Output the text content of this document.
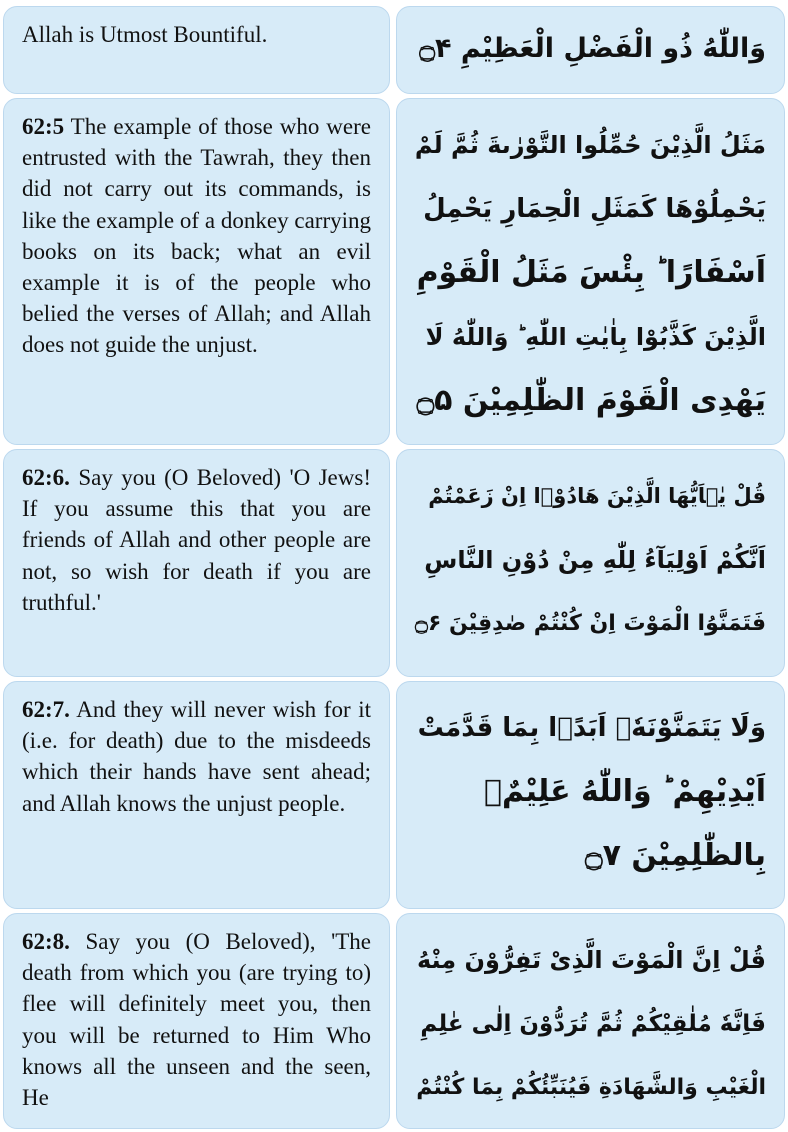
Allah is Utmost Bountiful.	وَاللّٰهُ ذُو الْفَضْلِ الْعَظِيْمِ ۝۴
62:5 The example of those who were entrusted with the Tawrah, they then did not carry out its commands, is like the example of a donkey carrying books on its back; what an evil example it is of the people who belied the verses of Allah; and Allah does not guide the unjust.
مَثَلُ الَّذِيْنَ حُمِّلُوا التَّوْرٰىةَ ثُمَّ لَمْ
يَحْمِلُوْهَا كَمَثَلِ الْحِمَارِ يَحْمِلُ
اَسْفَارًا ؕ بِئْسَ مَثَلُ الْقَوْمِ
الَّذِيْنَ كَذَّبُوْا بِاٰيٰتِ اللّٰهِ ؕ وَاللّٰهُ لَا
يَهْدِى الْقَوْمَ الظّٰلِمِيْنَ ۝۵
62:6. Say you (O Beloved) 'O Jews! If you assume this that you are friends of Allah and other people are not, so wish for death if you are truthful.'
قُلْ يٰۤاَيُّهَا الَّذِيْنَ هَادُوْۤا اِنْ زَعَمْتُمْ
اَنَّكُمْ اَوْلِيَآءُ لِلّٰهِ مِنْ دُوْنِ النَّاسِ
فَتَمَنَّوُا الْمَوْتَ اِنْ كُنْتُمْ صٰدِقِيْنَ ۝۶
62:7. And they will never wish for it (i.e. for death) due to the misdeeds which their hands have sent ahead; and Allah knows the unjust people.
وَلَا يَتَمَنَّوْنَهٗۤ اَبَدًۢا بِمَا قَدَّمَتْ
اَيْدِيْهِمْ ؕ وَاللّٰهُ عَلِيْمٌۢ
بِالظّٰلِمِيْنَ ۝۷
62:8. Say you (O Beloved), 'The death from which you (are trying to) flee will definitely meet you, then you will be returned to Him Who knows all the unseen and the seen, He
قُلْ اِنَّ الْمَوْتَ الَّذِىْ تَفِرُّوْنَ مِنْهُ
فَاِنَّهٗ مُلٰقِيْكُمْ ثُمَّ تُرَدُّوْنَ اِلٰى عٰلِمِ
الْغَيْبِ وَالشَّهَادَةِ فَيُنَبِّئُكُمْ بِمَا كُنْتُمْ
